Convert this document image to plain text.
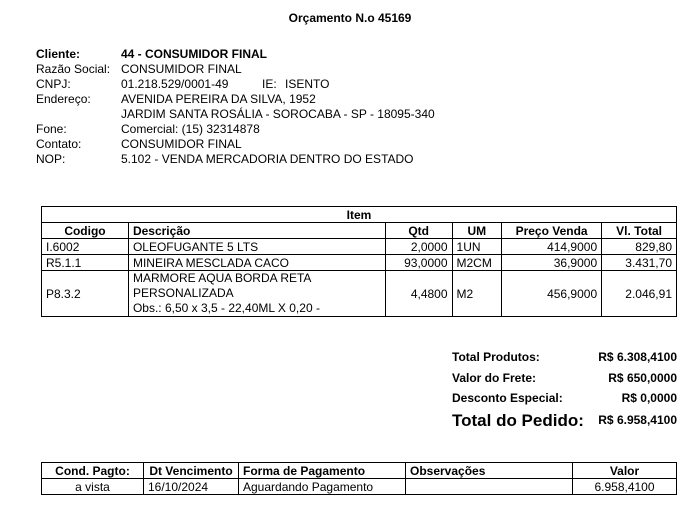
Orçamento N.o 45169
Cliente:	44 - CONSUMIDOR FINAL
Razão Social: CONSUMIDOR FINAL
CNPJ:	01.218.529/0001-49	IE: ISENTO
Endereço:	AVENIDA PEREIRA DA SILVA, 1952
JARDIM SANTA ROSÁLIA - SOROCABA - SP - 18095-340
Fone:	Comercial: (15) 32314878
Contato:	CONSUMIDOR FINAL
NOP:	5.102 - VENDA MERCADORIA DENTRO DO ESTADO
Item					
Codigo	Descrição	Qtd	UM	Preço Venda	Vl. Total
I.6002	OLEOFUGANTE 5 LTS	2,0000	1UN	414,9000	829,80
R5.1.1	MINEIRA MESCLADA CACO	93,0000	M2CM	36,9000	3.431,70
P8.3.2	MARMORE AQUA BORDA RETA
PERSONALIZADA
Obs.: 6,50 x 3,5 - 22,40ML X 0,20 -	4,4800	M2	456,9000	2.046,91
Total Produtos:	R$ 6.308,4100
Valor do Frete:	R$ 650,0000
Desconto Especial:	R$ 0,0000
Total do Pedido:	R$ 6.958,4100
Cond. Pagto:	Dt Vencimento	Forma de Pagamento	Observações	Valor
a vista	16/10/2024	Aguardando Pagamento		6.958,4100
